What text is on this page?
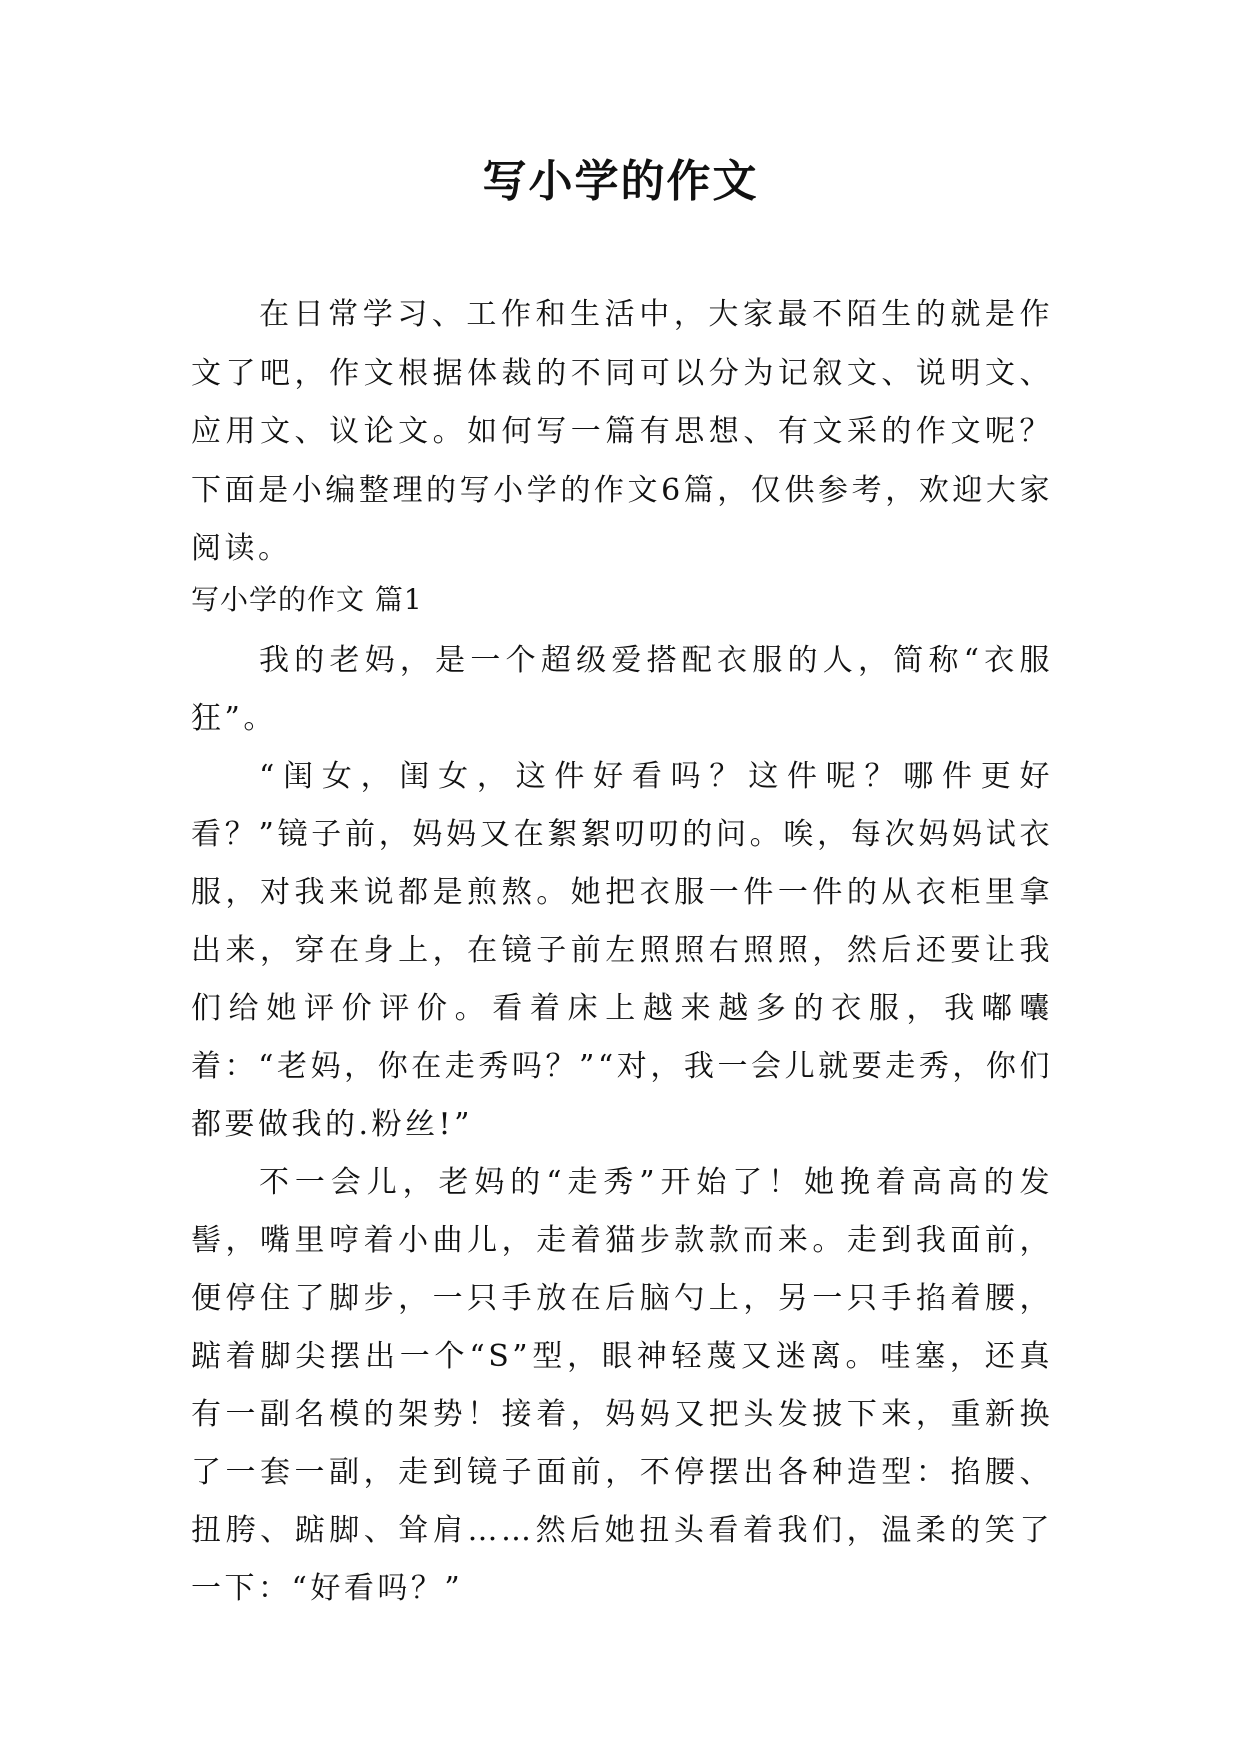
写小学的作文

在日常学习、工作和生活中，大家最不陌生的就是作文了吧，作文根据体裁的不同可以分为记叙文、说明文、应用文、议论文。如何写一篇有思想、有文采的作文呢？下面是小编整理的写小学的作文6篇，仅供参考，欢迎大家阅读。

写小学的作文 篇1

我的老妈，是一个超级爱搭配衣服的人，简称“衣服狂”。

“闺女，闺女，这件好看吗？这件呢？哪件更好看？”镜子前，妈妈又在絮絮叨叨的问。唉，每次妈妈试衣服，对我来说都是煎熬。她把衣服一件一件的从衣柜里拿出来，穿在身上，在镜子前左照照右照照，然后还要让我们给她评价评价。看着床上越来越多的衣服，我嘟囔着：“老妈，你在走秀吗？”“对，我一会儿就要走秀，你们都要做我的.粉丝!”

不一会儿，老妈的“走秀”开始了！她挽着高高的发髻，嘴里哼着小曲儿，走着猫步款款而来。走到我面前，便停住了脚步，一只手放在后脑勺上，另一只手掐着腰，踮着脚尖摆出一个“S”型，眼神轻蔑又迷离。哇塞，还真有一副名模的架势！接着，妈妈又把头发披下来，重新换了一套一副，走到镜子面前，不停摆出各种造型：掐腰、扭胯、踮脚、耸肩……然后她扭头看着我们，温柔的笑了一下：“好看吗？”
